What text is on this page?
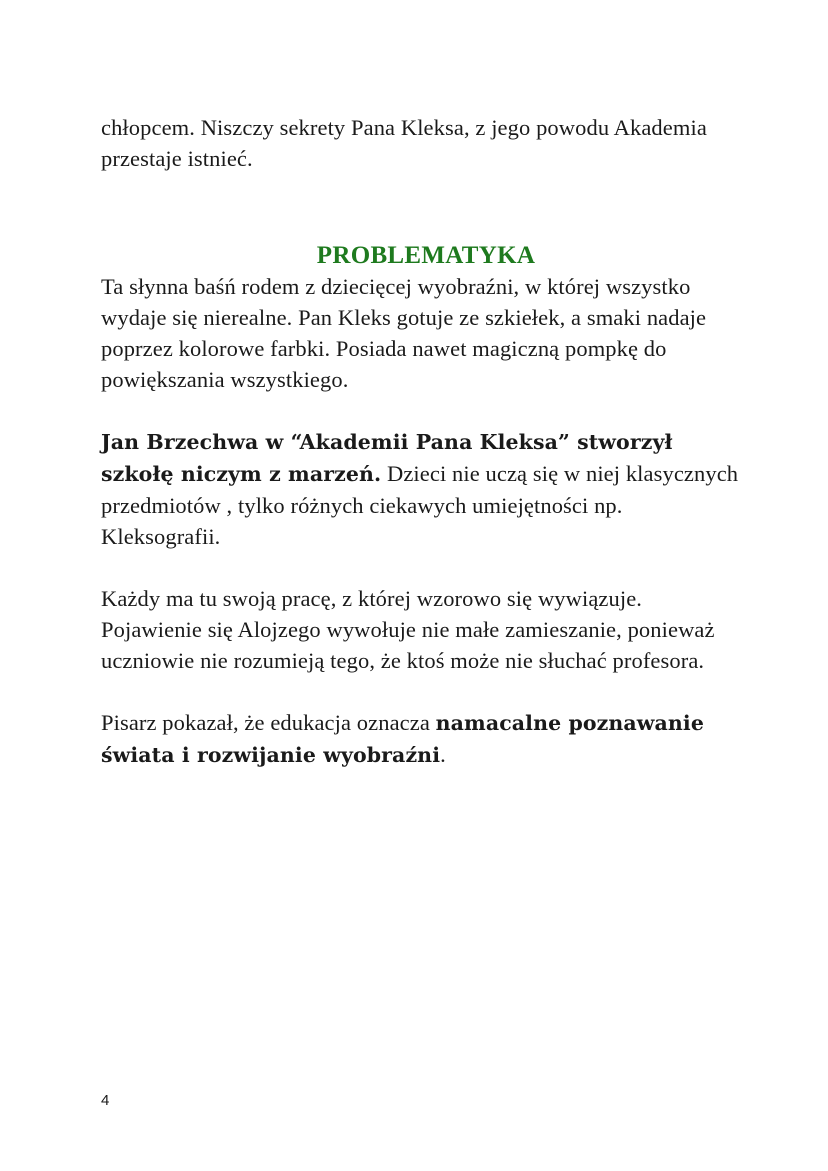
chłopcem. Niszczy sekrety Pana Kleksa, z jego powodu Akademia przestaje istnieć.

PROBLEMATYKA

Ta słynna baśń rodem z dziecięcej wyobraźni, w której wszystko wydaje się nierealne. Pan Kleks gotuje ze szkiełek, a smaki nadaje poprzez kolorowe farbki. Posiada nawet magiczną pompkę do powiększania wszystkiego.

Jan Brzechwa w “Akademii Pana Kleksa” stworzył szkołę niczym z marzeń. Dzieci nie uczą się w niej klasycznych przedmiotów , tylko różnych ciekawych umiejętności np. Kleksografii.

Każdy ma tu swoją pracę, z której wzorowo się wywiązuje. Pojawienie się Alojzego wywołuje nie małe zamieszanie, ponieważ uczniowie nie rozumieją tego, że ktoś może nie słuchać profesora.

Pisarz pokazał, że edukacja oznacza namacalne poznawanie świata i rozwijanie wyobraźni.

4
